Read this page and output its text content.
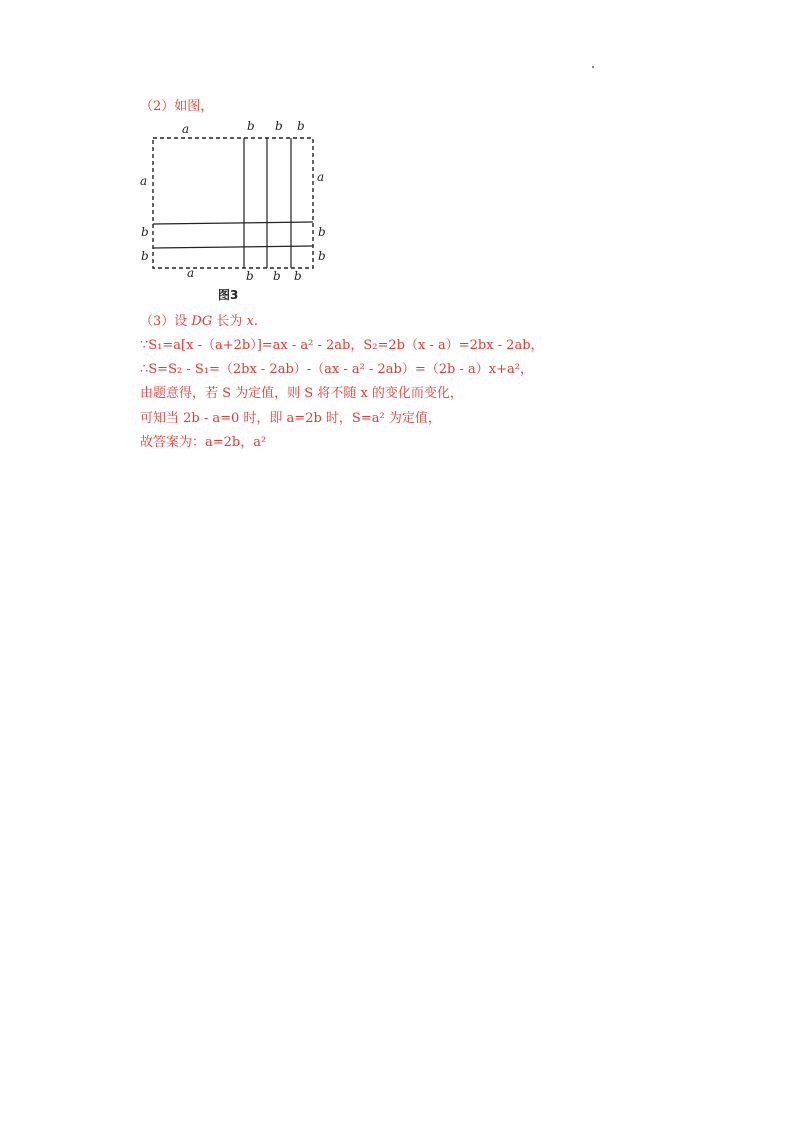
（2）如图，
a	b b b
a
b
b
a
b
b
a	b b b
图3
（3）设 DG 长为 x.
∵S₁=a[x -（a+2b）]=ax - a² - 2ab，S₂=2b（x - a）=2bx - 2ab，
∴S=S₂ - S₁=（2bx - 2ab）-（ax - a² - 2ab）=（2b - a）x+a²，
由题意得，若 S 为定值，则 S 将不随 x 的变化而变化，
可知当 2b - a=0 时，即 a=2b 时，S=a² 为定值，
故答案为：a=2b，a²
